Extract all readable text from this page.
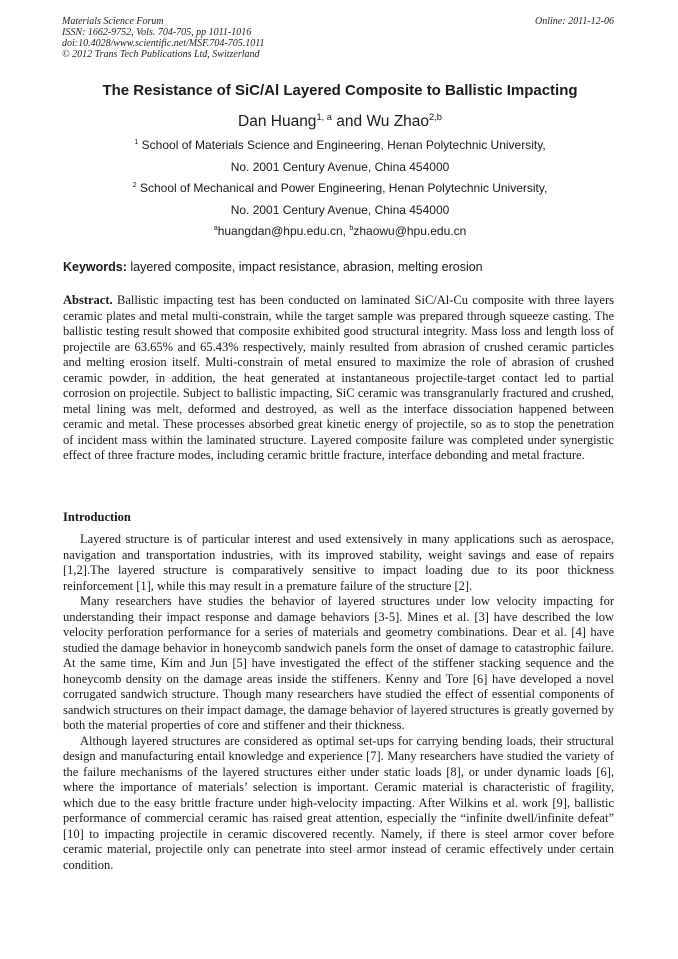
Materials Science Forum
ISSN: 1662-9752, Vols. 704-705, pp 1011-1016
doi:10.4028/www.scientific.net/MSF.704-705.1011
© 2012 Trans Tech Publications Ltd, Switzerland
Online: 2011-12-06
The Resistance of SiC/Al Layered Composite to Ballistic Impacting
Dan Huang$^{1, a}$ and Wu Zhao$^{2,b}$
$^1$ School of Materials Science and Engineering, Henan Polytechnic University,
No. 2001 Century Avenue, China 454000
$^2$ School of Mechanical and Power Engineering, Henan Polytechnic University,
No. 2001 Century Avenue, China 454000
$^a$huangdan@hpu.edu.cn, $^b$zhaowu@hpu.edu.cn
Keywords: layered composite, impact resistance, abrasion, melting erosion
Abstract. Ballistic impacting test has been conducted on laminated SiC/Al-Cu composite with three layers ceramic plates and metal multi-constrain, while the target sample was prepared through squeeze casting. The ballistic testing result showed that composite exhibited good structural integrity. Mass loss and length loss of projectile are 63.65% and 65.43% respectively, mainly resulted from abrasion of crushed ceramic particles and melting erosion itself. Multi-constrain of metal ensured to maximize the role of abrasion of crushed ceramic powder, in addition, the heat generated at instantaneous projectile-target contact led to partial corrosion on projectile. Subject to ballistic impacting, SiC ceramic was transgranularly fractured and crushed, metal lining was melt, deformed and destroyed, as well as the interface dissociation happened between ceramic and metal. These processes absorbed great kinetic energy of projectile, so as to stop the penetration of incident mass within the laminated structure. Layered composite failure was completed under synergistic effect of three fracture modes, including ceramic brittle fracture, interface debonding and metal fracture.
Introduction

Layered structure is of particular interest and used extensively in many applications such as aerospace, navigation and transportation industries, with its improved stability, weight savings and ease of repairs [1,2].The layered structure is comparatively sensitive to impact loading due to its poor thickness reinforcement [1], while this may result in a premature failure of the structure [2].

Many researchers have studies the behavior of layered structures under low velocity impacting for understanding their impact response and damage behaviors [3-5]. Mines et al. [3] have described the low velocity perforation performance for a series of materials and geometry combinations. Dear et al. [4] have studied the damage behavior in honeycomb sandwich panels form the onset of damage to catastrophic failure. At the same time, Kim and Jun [5] have investigated the effect of the stiffener stacking sequence and the honeycomb density on the damage areas inside the stiffeners. Kenny and Tore [6] have developed a novel corrugated sandwich structure. Though many researchers have studied the effect of essential components of sandwich structures on their impact damage, the damage behavior of layered structures is greatly governed by both the material properties of core and stiffener and their thickness.

Although layered structures are considered as optimal set-ups for carrying bending loads, their structural design and manufacturing entail knowledge and experience [7]. Many researchers have studied the variety of the failure mechanisms of the layered structures either under static loads [8], or under dynamic loads [6], where the importance of materials’ selection is important. Ceramic material is characteristic of fragility, which due to the easy brittle fracture under high-velocity impacting. After Wilkins et al. work [9], ballistic performance of commercial ceramic has raised great attention, especially the “infinite dwell/infinite defeat” [10] to impacting projectile in ceramic discovered recently. Namely, if there is steel armor cover before ceramic material, projectile only can penetrate into steel armor instead of ceramic effectively under certain condition.
